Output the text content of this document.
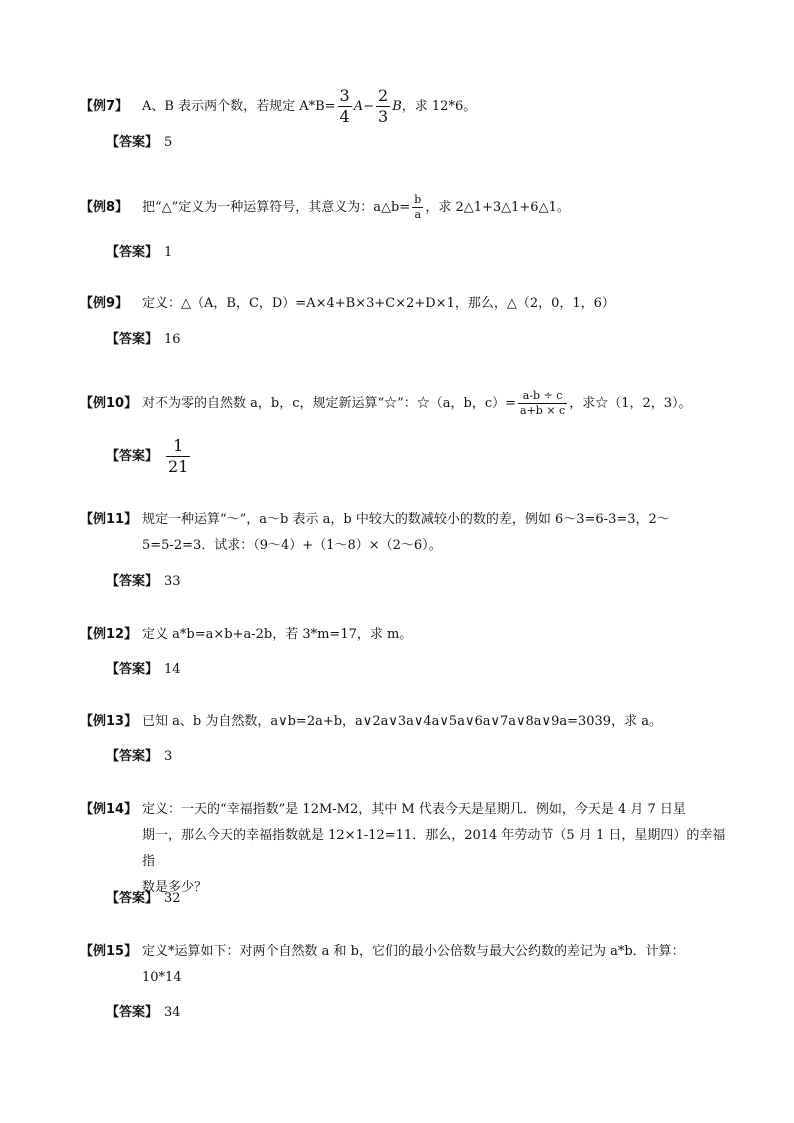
【例7】 A、B 表示两个数，若规定 $A*B= \frac{3}{4} A- \frac{2}{3}$ B，求 12*6。
【答案】 5
【例8】 把“△”定义为一种运算符号，其意义为：a△b= $\frac{b}{a}$ ，求 2△1+3△1+6△1。
【答案】 1
【例9】 定义：△（A，B，C，D）=A×4+B×3+C×2+D×1，那么，△（2，0，1，6）
【答案】 16
【例10】 对不为零的自然数 a，b，c，规定新运算“☆”：☆（a，b，$c)= \frac{a-b \div c}{a+b \times c}$ ，求☆（1，2，3）。
【答案】 $\frac{1}{21}$
【例11】 规定一种运算“～”，a～b 表示 a，b 中较大的数减较小的数的差，例如 6～3=6-3=3，2～
5=5-2=3．试求：（9～4）+（1～8）×（2～6）。
【答案】 33
【例12】 定义 a*b=a×b+a-2b，若 3*m=17，求 m。
【答案】 14
【例13】 已知 a、b 为自然数，a∨b=2a+b，a∨2a∨3a∨4a∨5a∨6a∨7a∨8a∨9a=3039，求 a。
【答案】 3
【例14】 定义：一天的“幸福指数”是 12M-M2，其中 M 代表今天是星期几．例如，今天是 4 月 7 日星
期一，那么今天的幸福指数就是 12×1-12=11．那么，2014 年劳动节（5 月 1 日，星期四）的幸福指
数是多少？
【答案】 32
【例15】 定义*运算如下：对两个自然数 a 和 b，它们的最小公倍数与最大公约数的差记为 a*b．计算：
10*14
【答案】 34
